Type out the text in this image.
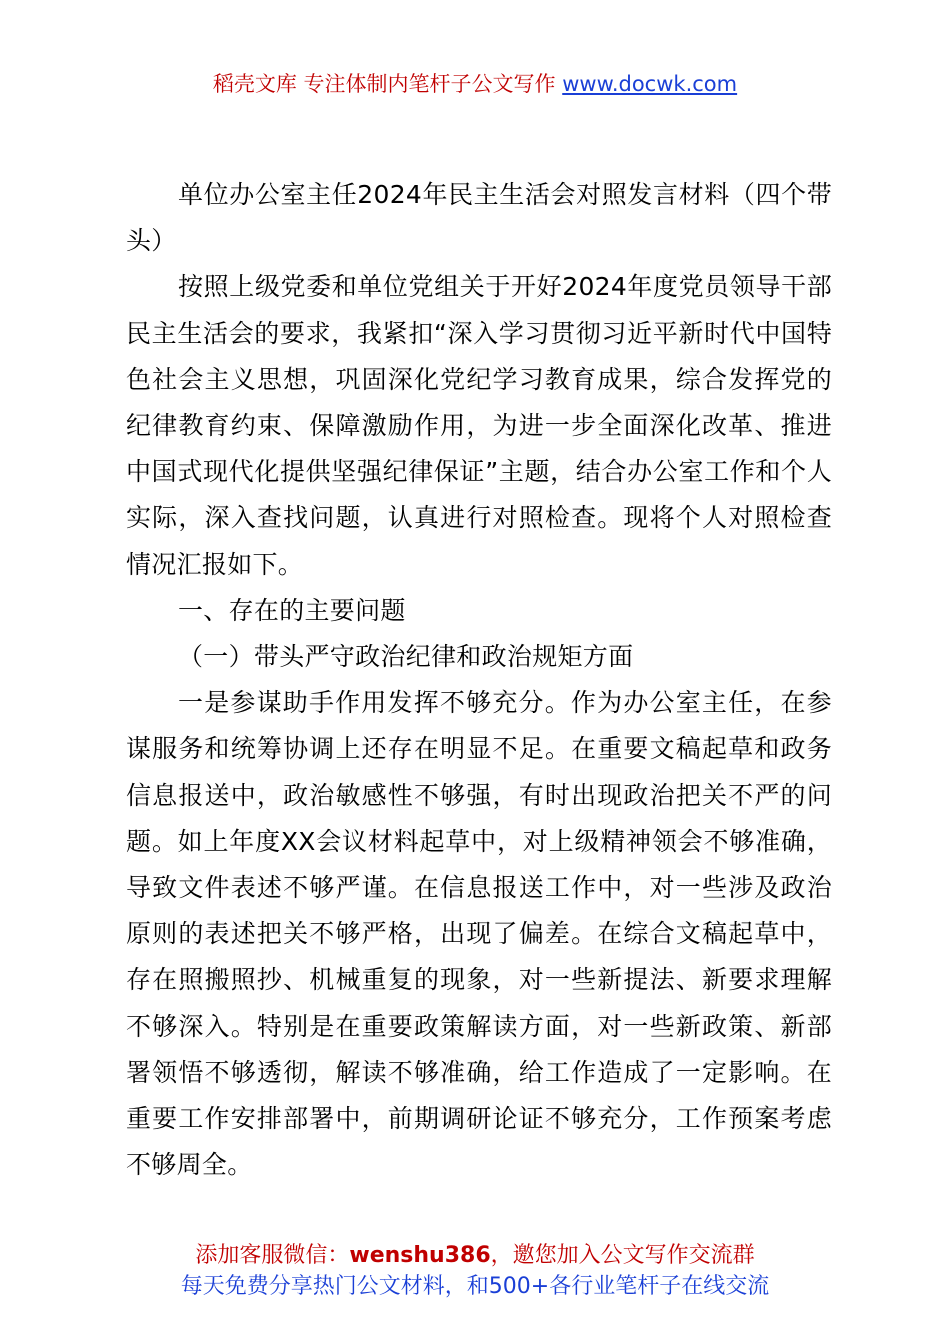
稻壳文库 专注体制内笔杆子公文写作 www.docwk.com

单位办公室主任2024年民主生活会对照发言材料（四个带头）

按照上级党委和单位党组关于开好2024年度党员领导干部民主生活会的要求，我紧扣“深入学习贯彻习近平新时代中国特色社会主义思想，巩固深化党纪学习教育成果，综合发挥党的纪律教育约束、保障激励作用，为进一步全面深化改革、推进中国式现代化提供坚强纪律保证”主题，结合办公室工作和个人实际，深入查找问题，认真进行对照检查。现将个人对照检查情况汇报如下。

一、存在的主要问题

（一）带头严守政治纪律和政治规矩方面

一是参谋助手作用发挥不够充分。作为办公室主任，在参谋服务和统筹协调上还存在明显不足。在重要文稿起草和政务信息报送中，政治敏感性不够强，有时出现政治把关不严的问题。如上年度XX会议材料起草中，对上级精神领会不够准确，导致文件表述不够严谨。在信息报送工作中，对一些涉及政治原则的表述把关不够严格，出现了偏差。在综合文稿起草中，存在照搬照抄、机械重复的现象，对一些新提法、新要求理解不够深入。特别是在重要政策解读方面，对一些新政策、新部署领悟不够透彻，解读不够准确，给工作造成了一定影响。在重要工作安排部署中，前期调研论证不够充分，工作预案考虑不够周全。

添加客服微信：wenshu386，邀您加入公文写作交流群
每天免费分享热门公文材料，和500+各行业笔杆子在线交流
